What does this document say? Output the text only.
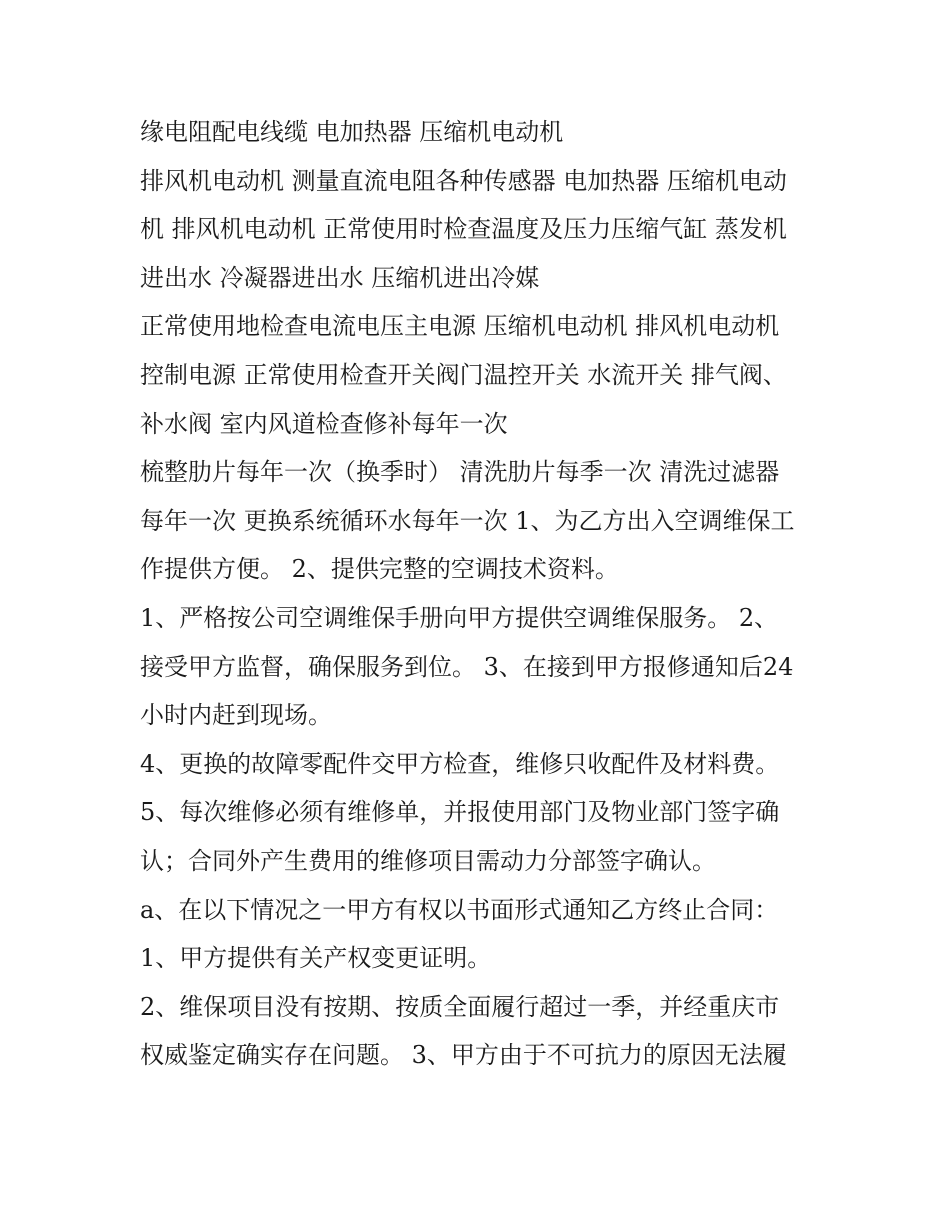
缘电阻配电线缆 电加热器 压缩机电动机
排风机电动机 测量直流电阻各种传感器 电加热器 压缩机电动
机 排风机电动机 正常使用时检查温度及压力压缩气缸 蒸发机
进出水 冷凝器进出水 压缩机进出冷媒
正常使用地检查电流电压主电源 压缩机电动机 排风机电动机
控制电源 正常使用检查开关阀门温控开关 水流开关 排气阀、
补水阀 室内风道检查修补每年一次
梳整肋片每年一次（换季时） 清洗肋片每季一次 清洗过滤器
每年一次 更换系统循环水每年一次 1、为乙方出入空调维保工
作提供方便。 2、提供完整的空调技术资料。
1、严格按公司空调维保手册向甲方提供空调维保服务。 2、
接受甲方监督，确保服务到位。 3、在接到甲方报修通知后24
小时内赶到现场。
4、更换的故障零配件交甲方检查，维修只收配件及材料费。
5、每次维修必须有维修单，并报使用部门及物业部门签字确
认；合同外产生费用的维修项目需动力分部签字确认。
a、在以下情况之一甲方有权以书面形式通知乙方终止合同：
1、甲方提供有关产权变更证明。
2、维保项目没有按期、按质全面履行超过一季，并经重庆市
权威鉴定确实存在问题。 3、甲方由于不可抗力的原因无法履
